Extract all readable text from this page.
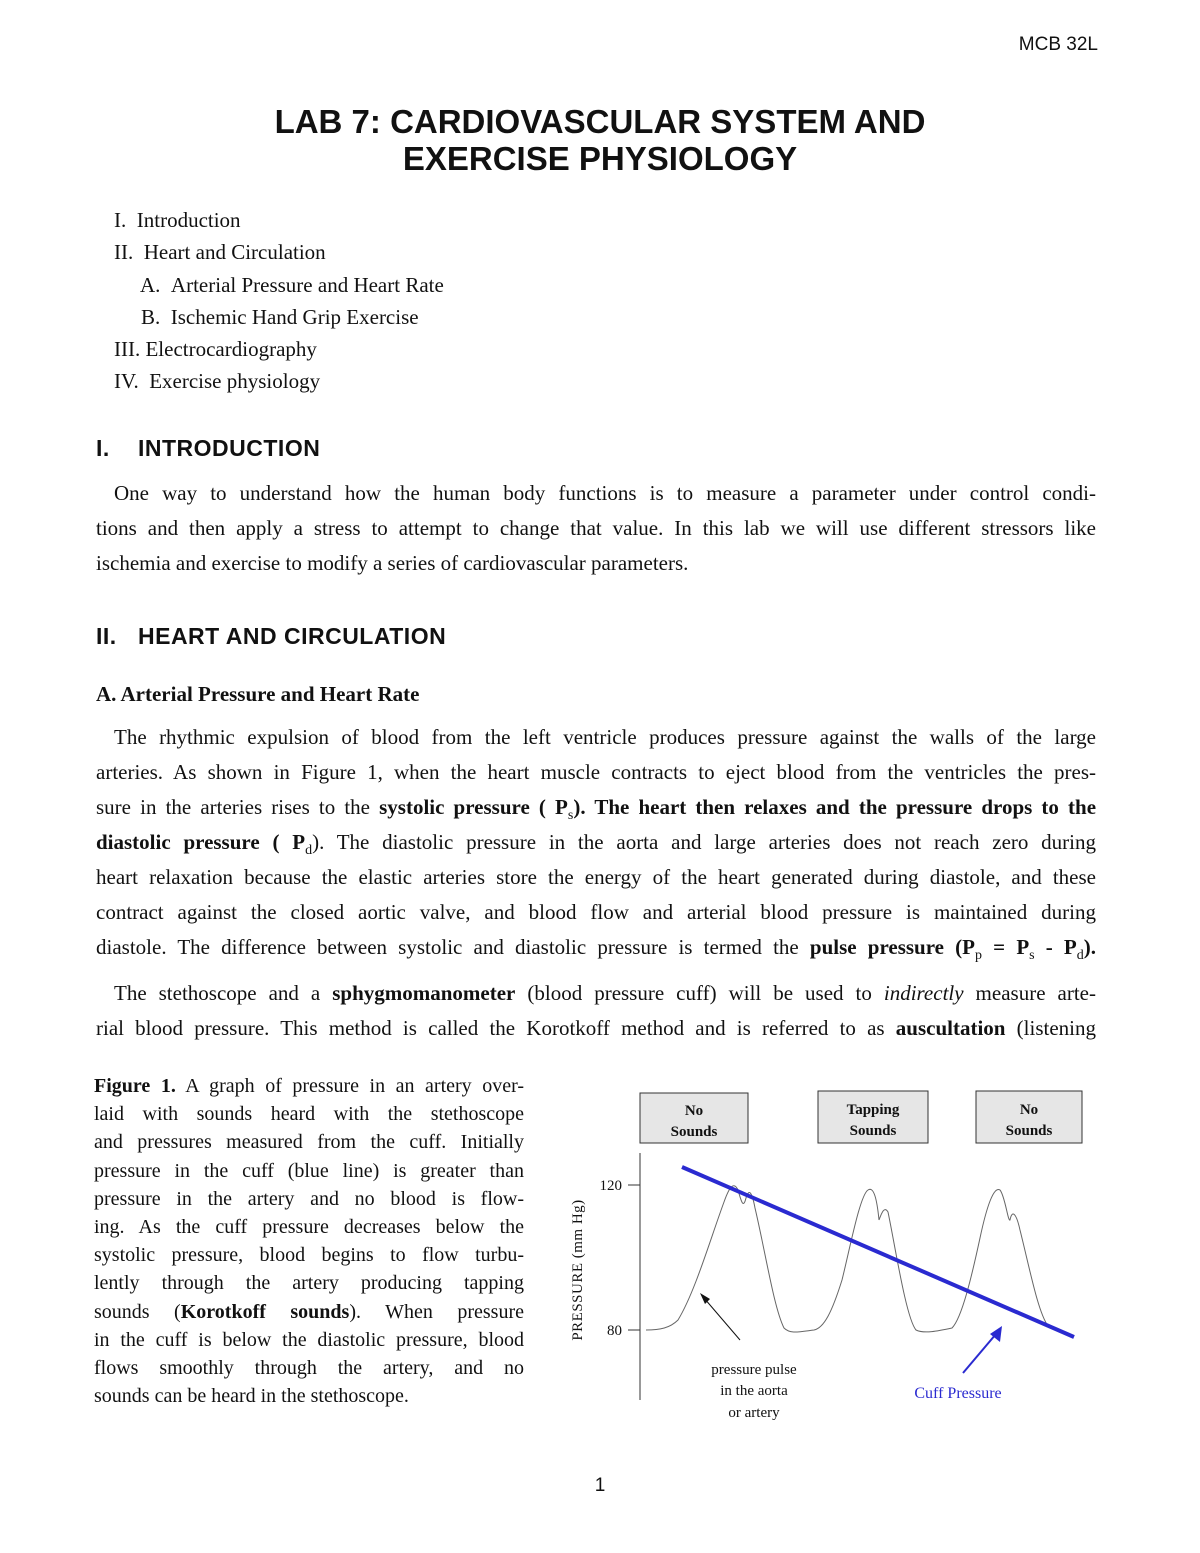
MCB 32L
LAB 7: CARDIOVASCULAR SYSTEM AND
EXERCISE PHYSIOLOGY
I. Introduction
II. Heart and Circulation
A. Arterial Pressure and Heart Rate
B. Ischemic Hand Grip Exercise
III. Electrocardiography
IV. Exercise physiology
I. INTRODUCTION
One way to understand how the human body functions is to measure a parameter under control condi-
tions and then apply a stress to attempt to change that value. In this lab we will use different stressors like
ischemia and exercise to modify a series of cardiovascular parameters.
II. HEART AND CIRCULATION
A. Arterial Pressure and Heart Rate
The rhythmic expulsion of blood from the left ventricle produces pressure against the walls of the large
arteries. As shown in Figure 1, when the heart muscle contracts to eject blood from the ventricles the pres-
sure in the arteries rises to the systolic pressure ( $P_s$). The heart then relaxes and the pressure drops to the
diastolic pressure ( $P_d$). The diastolic pressure in the aorta and large arteries does not reach zero during
heart relaxation because the elastic arteries store the energy of the heart generated during diastole, and these
contract against the closed aortic valve, and blood flow and arterial blood pressure is maintained during
diastole. The difference between systolic and diastolic pressure is termed the pulse pressure $(P_p = P_s - P_d)$.
The stethoscope and a sphygmomanometer (blood pressure cuff) will be used to indirectly measure arte-
rial blood pressure. This method is called the Korotkoff method and is referred to as auscultation (listening
Figure 1. A graph of pressure in an artery over-
laid with sounds heard with the stethoscope
and pressures measured from the cuff. Initially
pressure in the cuff (blue line) is greater than
pressure in the artery and no blood is flow-
ing. As the cuff pressure decreases below the
systolic pressure, blood begins to flow turbu-
lently through the artery producing tapping
sounds (Korotkoff sounds). When pressure
in the cuff is below the diastolic pressure, blood
flows smoothly through the artery, and no
sounds can be heard in the stethoscope.
No
Sounds
Tapping
Sounds
No
Sounds
120
80
PRESSURE (mm Hg)
pressure pulse
in the aorta
or artery
Cuff Pressure
1
